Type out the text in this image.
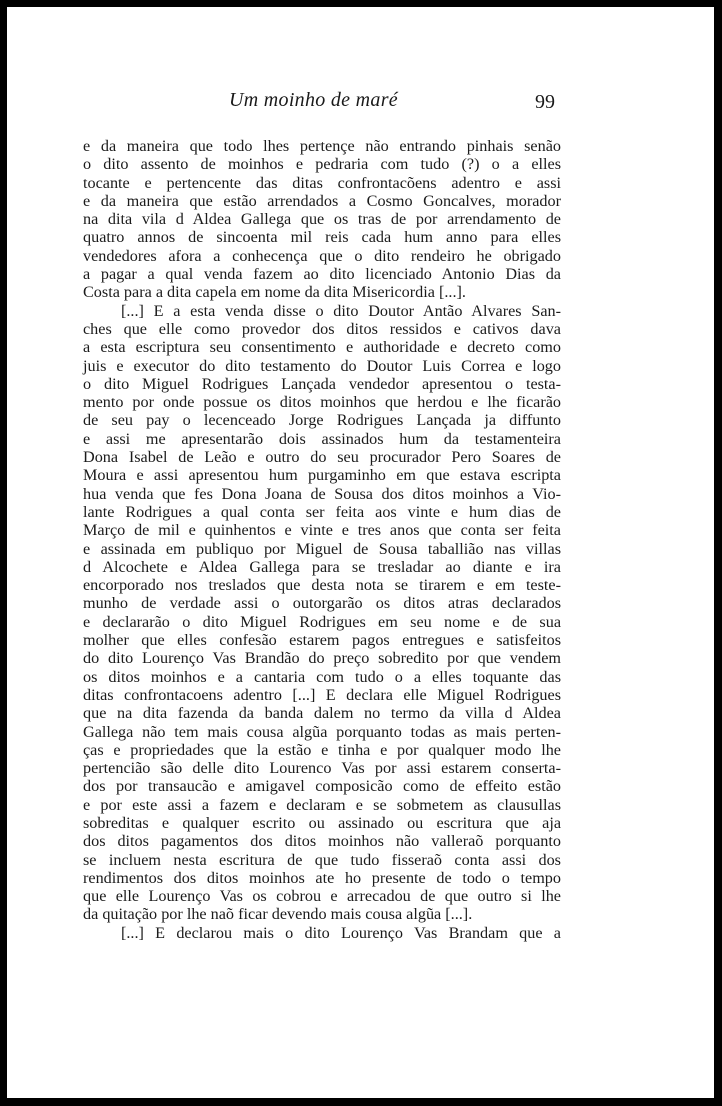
Um moinho de maré	99
e da maneira que todo lhes pertençe não entrando pinhais senão
o dito assento de moinhos e pedraria com tudo (?) o a elles
tocante e pertencente das ditas confrontacõens adentro e assi
e da maneira que estão arrendados a Cosmo Goncalves, morador
na dita vila d Aldea Gallega que os tras de por arrendamento de
quatro annos de sincoenta mil reis cada hum anno para elles
vendedores afora a conhecença que o dito rendeiro he obrigado
a pagar a qual venda fazem ao dito licenciado Antonio Dias da
Costa para a dita capela em nome da dita Misericordia [...].
[...] E a esta venda disse o dito Doutor Antão Alvares San-
ches que elle como provedor dos ditos ressidos e cativos dava
a esta escriptura seu consentimento e authoridade e decreto como
juis e executor do dito testamento do Doutor Luis Correa e logo
o dito Miguel Rodrigues Lançada vendedor apresentou o testa-
mento por onde possue os ditos moinhos que herdou e lhe ficarão
de seu pay o lecenceado Jorge Rodrigues Lançada ja diffunto
e assi me apresentarão dois assinados hum da testamenteira
Dona Isabel de Leão e outro do seu procurador Pero Soares de
Moura e assi apresentou hum purgaminho em que estava escripta
hua venda que fes Dona Joana de Sousa dos ditos moinhos a Vio-
lante Rodrigues a qual conta ser feita aos vinte e hum dias de
Março de mil e quinhentos e vinte e tres anos que conta ser feita
e assinada em publiquo por Miguel de Sousa taballião nas villas
d Alcochete e Aldea Gallega para se tresladar ao diante e ira
encorporado nos treslados que desta nota se tirarem e em teste-
munho de verdade assi o outorgarão os ditos atras declarados
e declararão o dito Miguel Rodrigues em seu nome e de sua
molher que elles confesão estarem pagos entregues e satisfeitos
do dito Lourenço Vas Brandão do preço sobredito por que vendem
os ditos moinhos e a cantaria com tudo o a elles toquante das
ditas confrontacoens adentro [...] E declara elle Miguel Rodrigues
que na dita fazenda da banda dalem no termo da villa d Aldea
Gallega não tem mais cousa algũa porquanto todas as mais perten-
ças e propriedades que la estão e tinha e por qualquer modo lhe
pertencião são delle dito Lourenco Vas por assi estarem conserta-
dos por transaucão e amigavel composicão como de effeito estão
e por este assi a fazem e declaram e se sobmetem as clausullas
sobreditas e qualquer escrito ou assinado ou escritura que aja
dos ditos pagamentos dos ditos moinhos não valleraõ porquanto
se incluem nesta escritura de que tudo fisseraõ conta assi dos
rendimentos dos ditos moinhos ate ho presente de todo o tempo
que elle Lourenço Vas os cobrou e arrecadou de que outro si lhe
da quitação por lhe naõ ficar devendo mais cousa algũa [...].
[...] E declarou mais o dito Lourenço Vas Brandam que a
